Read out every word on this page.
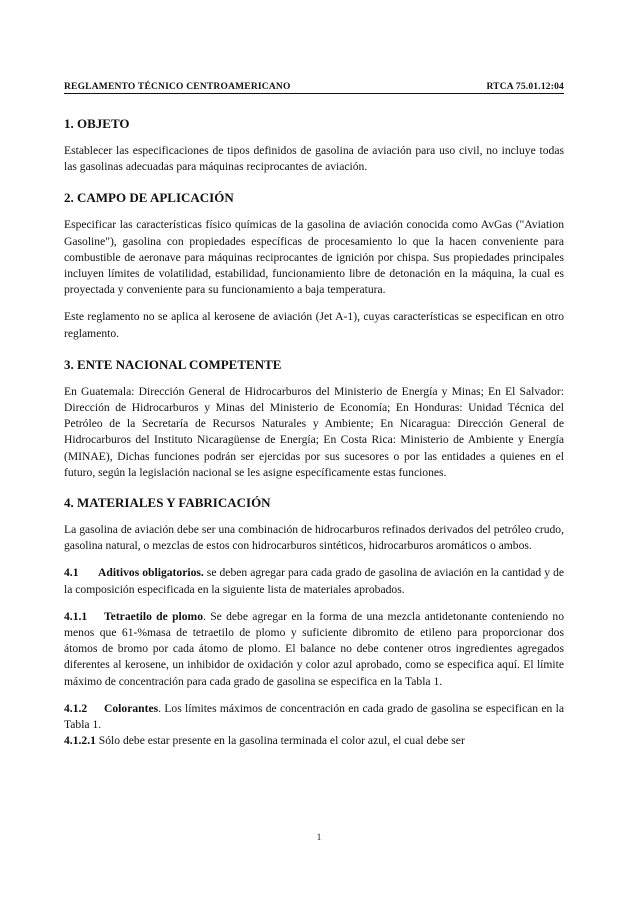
REGLAMENTO TÉCNICO CENTROAMERICANO	RTCA 75.01.12:04
1. OBJETO

Establecer las especificaciones de tipos definidos de gasolina de aviación para uso civil, no incluye todas las gasolinas adecuadas para máquinas reciprocantes de aviación.

2. CAMPO DE APLICACIÓN

Especificar las características físico químicas de la gasolina de aviación conocida como AvGas ("Aviation Gasoline"), gasolina con propiedades específicas de procesamiento lo que la hacen conveniente para combustible de aeronave para máquinas reciprocantes de ignición por chispa. Sus propiedades principales incluyen límites de volatilidad, estabilidad, funcionamiento libre de detonación en la máquina, la cual es proyectada y conveniente para su funcionamiento a baja temperatura.

Este reglamento no se aplica al kerosene de aviación (Jet A-1), cuyas características se especifican en otro reglamento.

3. ENTE NACIONAL COMPETENTE

En Guatemala: Dirección General de Hidrocarburos del Ministerio de Energía y Minas; En El Salvador: Dirección de Hidrocarburos y Minas del Ministerio de Economía; En Honduras: Unidad Técnica del Petróleo de la Secretaría de Recursos Naturales y Ambiente; En Nicaragua: Dirección General de Hidrocarburos del Instituto Nicaragüense de Energía; En Costa Rica: Ministerio de Ambiente y Energía (MINAE), Dichas funciones podrán ser ejercidas por sus sucesores o por las entidades a quienes en el futuro, según la legislación nacional se les asigne específicamente estas funciones.

4. MATERIALES Y FABRICACIÓN

La gasolina de aviación debe ser una combinación de hidrocarburos refinados derivados del petróleo crudo, gasolina natural, o mezclas de estos con hidrocarburos sintéticos, hidrocarburos aromáticos o ambos.

4.1 Aditivos obligatorios. se deben agregar para cada grado de gasolina de aviación en la cantidad y de la composición especificada en la siguiente lista de materiales aprobados.

4.1.1 Tetraetilo de plomo. Se debe agregar en la forma de una mezcla antidetonante conteniendo no menos que 61-%masa de tetraetilo de plomo y suficiente dibromito de etileno para proporcionar dos átomos de bromo por cada átomo de plomo. El balance no debe contener otros ingredientes agregados diferentes al kerosene, un inhibidor de oxidación y color azul aprobado, como se especifica aquí. El límite máximo de concentración para cada grado de gasolina se especifica en la Tabla 1.

4.1.2 Colorantes. Los límites máximos de concentración en cada grado de gasolina se especifican en la Tabla 1.

4.1.2.1 Sólo debe estar presente en la gasolina terminada el color azul, el cual debe ser

1
